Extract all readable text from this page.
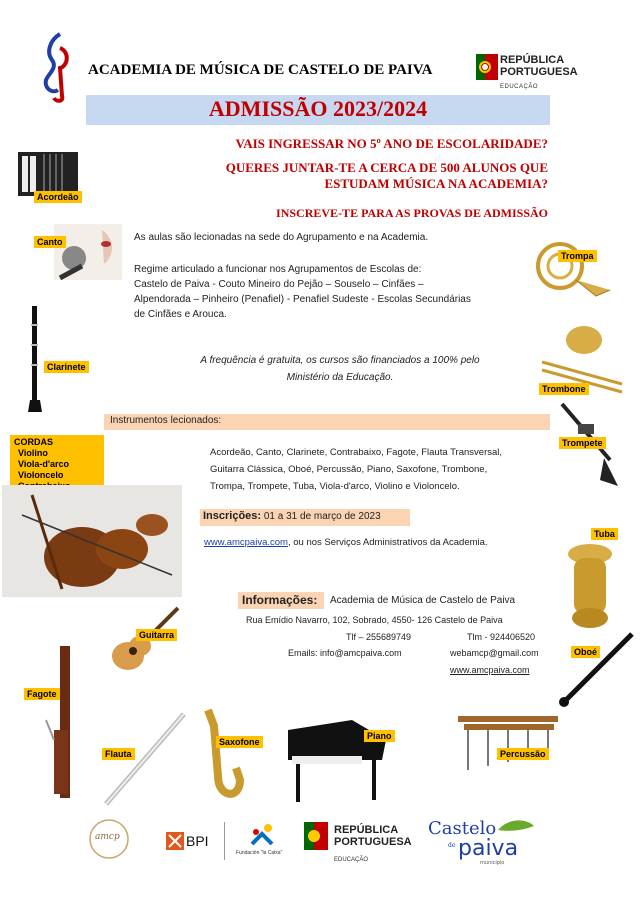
ACADEMIA DE MÚSICA DE CASTELO DE PAIVA
REPÚBLICA
PORTUGUESA
EDUCAÇÃO
ADMISSÃO 2023/2024
VAIS INGRESSAR NO 5º ANO DE ESCOLARIDADE?
QUERES JUNTAR-TE A CERCA DE 500 ALUNOS QUE
ESTUDAM MÚSICA NA ACADEMIA?
INSCREVE-TE PARA AS PROVAS DE ADMISSÃO
Acordeão
Canto
Clarinete
Trompa
Trombone
Trompete
As aulas são lecionadas na sede do Agrupamento e na Academia.
Regime articulado a funcionar nos Agrupamentos de Escolas de:
Castelo de Paiva - Couto Mineiro do Pejão – Souselo – Cinfães –
Alpendorada – Pinheiro (Penafiel) - Penafiel Sudeste - Escolas Secundárias
de Cinfães e Arouca.
A frequência é gratuita, os cursos são financiados a 100% pelo
Ministério da Educação.
Instrumentos lecionados:
Acordeão, Canto, Clarinete, Contrabaixo, Fagote, Flauta Transversal,
Guitarra Clássica, Oboé, Percussão, Piano, Saxofone, Trombone,
Trompa, Trompete, Tuba, Viola-d'arco, Violino e Violoncelo.
CORDAS
Violino
Viola-d'arco
Violoncelo
Inscrições: 01 a 31 de março de 2023
www.amcpaiva.com, ou nos Serviços Administrativos da Academia.
Informações: Academia de Música de Castelo de Paiva
Rua Emídio Navarro, 102, Sobrado, 4550- 126 Castelo de Paiva
Tlf – 255689749	Tlm - 924406520
Emails: info@amcpaiva.com	webamcp@gmail.com
www.amcpaiva.com
Tuba
Oboé
Guitarra
Fagote
Flauta
Saxofone
Piano
Percussão
amcp	BPI
Fundación "la Caixa"
REPÚBLICA
PORTUGUESA
EDUCAÇÃO
Castelo
de paiva
município
